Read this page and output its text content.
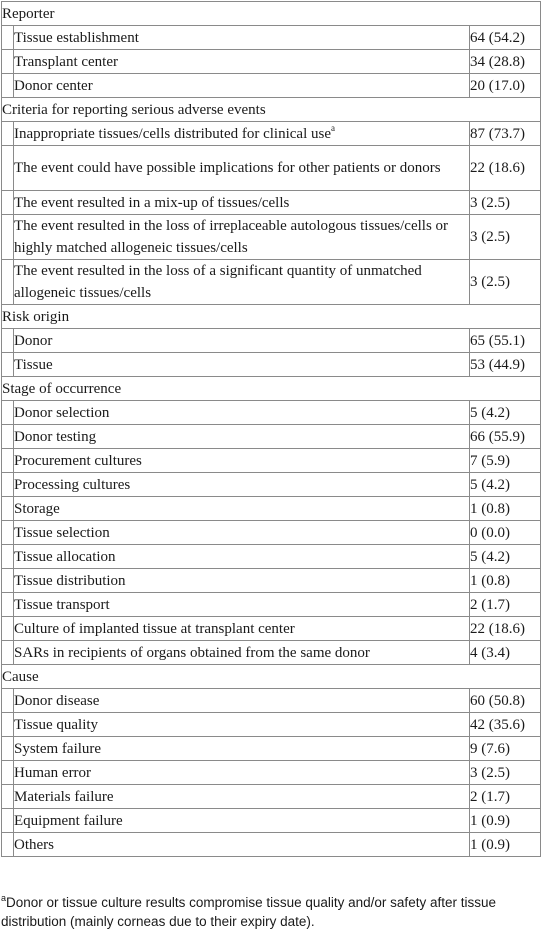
Reporter		
	Tissue establishment	64 (54.2)
	Transplant center	34 (28.8)
	Donor center	20 (17.0)
Criteria for reporting serious adverse events		
	Inappropriate tissues/cells distributed for clinical use$^a$	87 (73.7)
	The event could have possible implications for other patients or donors	22 (18.6)
	The event resulted in a mix-up of tissues/cells	3 (2.5)
	The event resulted in the loss of irreplaceable autologous tissues/cells or highly matched allogeneic tissues/cells	3 (2.5)
	The event resulted in the loss of a significant quantity of unmatched allogeneic tissues/cells	3 (2.5)
Risk origin		
	Donor	65 (55.1)
	Tissue	53 (44.9)
Stage of occurrence		
	Donor selection	5 (4.2)
	Donor testing	66 (55.9)
	Procurement cultures	7 (5.9)
	Processing cultures	5 (4.2)
	Storage	1 (0.8)
	Tissue selection	0 (0.0)
	Tissue allocation	5 (4.2)
	Tissue distribution	1 (0.8)
	Tissue transport	2 (1.7)
	Culture of implanted tissue at transplant center	22 (18.6)
	SARs in recipients of organs obtained from the same donor	4 (3.4)
Cause		
	Donor disease	60 (50.8)
	Tissue quality	42 (35.6)
	System failure	9 (7.6)
	Human error	3 (2.5)
	Materials failure	2 (1.7)
	Equipment failure	1 (0.9)
	Others	1 (0.9)
$^a$Donor or tissue culture results compromise tissue quality and/or safety after tissue distribution (mainly corneas due to their expiry date).
